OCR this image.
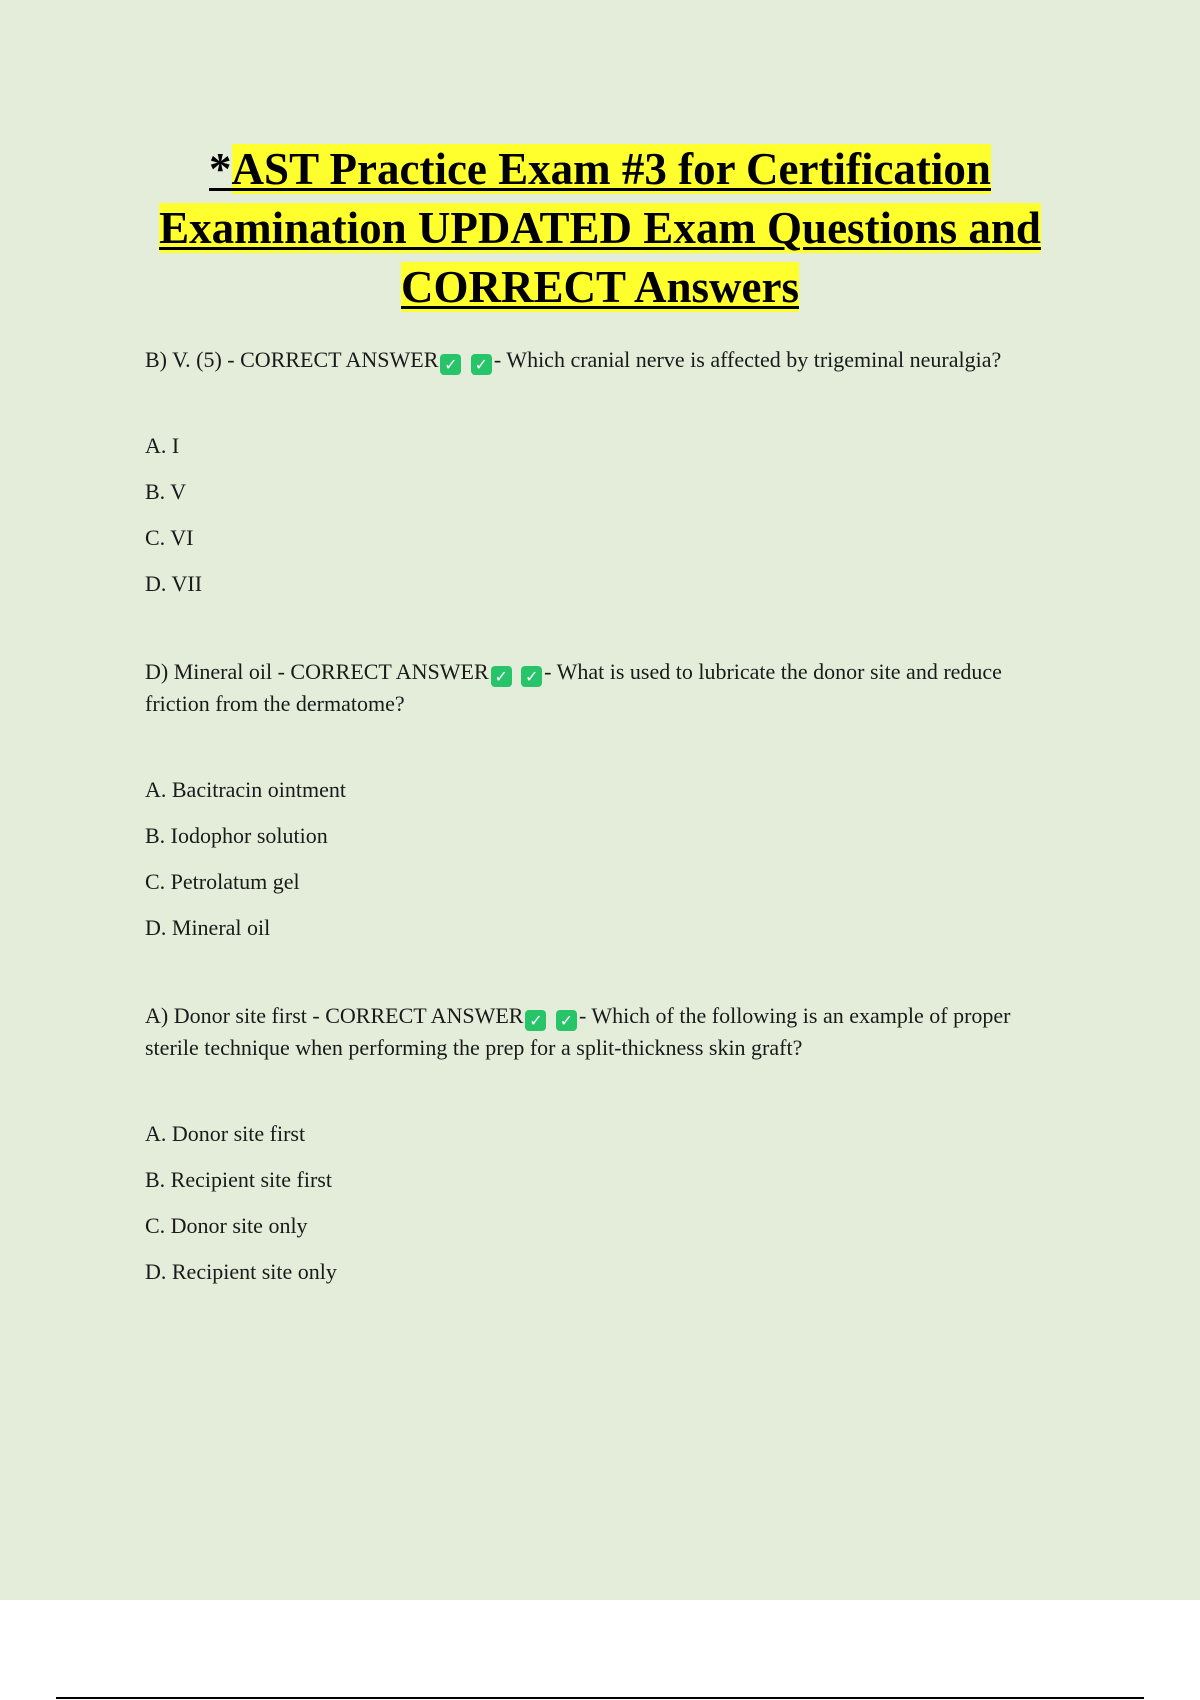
*AST Practice Exam #3 for Certification Examination UPDATED Exam Questions and CORRECT Answers

B) V. (5) - CORRECT ANSWER ✓ ✓ - Which cranial nerve is affected by trigeminal neuralgia?

A. I
B. V
C. VI
D. VII

D) Mineral oil - CORRECT ANSWER ✓ ✓ - What is used to lubricate the donor site and reduce friction from the dermatome?

A. Bacitracin ointment
B. Iodophor solution
C. Petrolatum gel
D. Mineral oil

A) Donor site first - CORRECT ANSWER ✓ ✓ - Which of the following is an example of proper sterile technique when performing the prep for a split-thickness skin graft?

A. Donor site first
B. Recipient site first
C. Donor site only
D. Recipient site only
